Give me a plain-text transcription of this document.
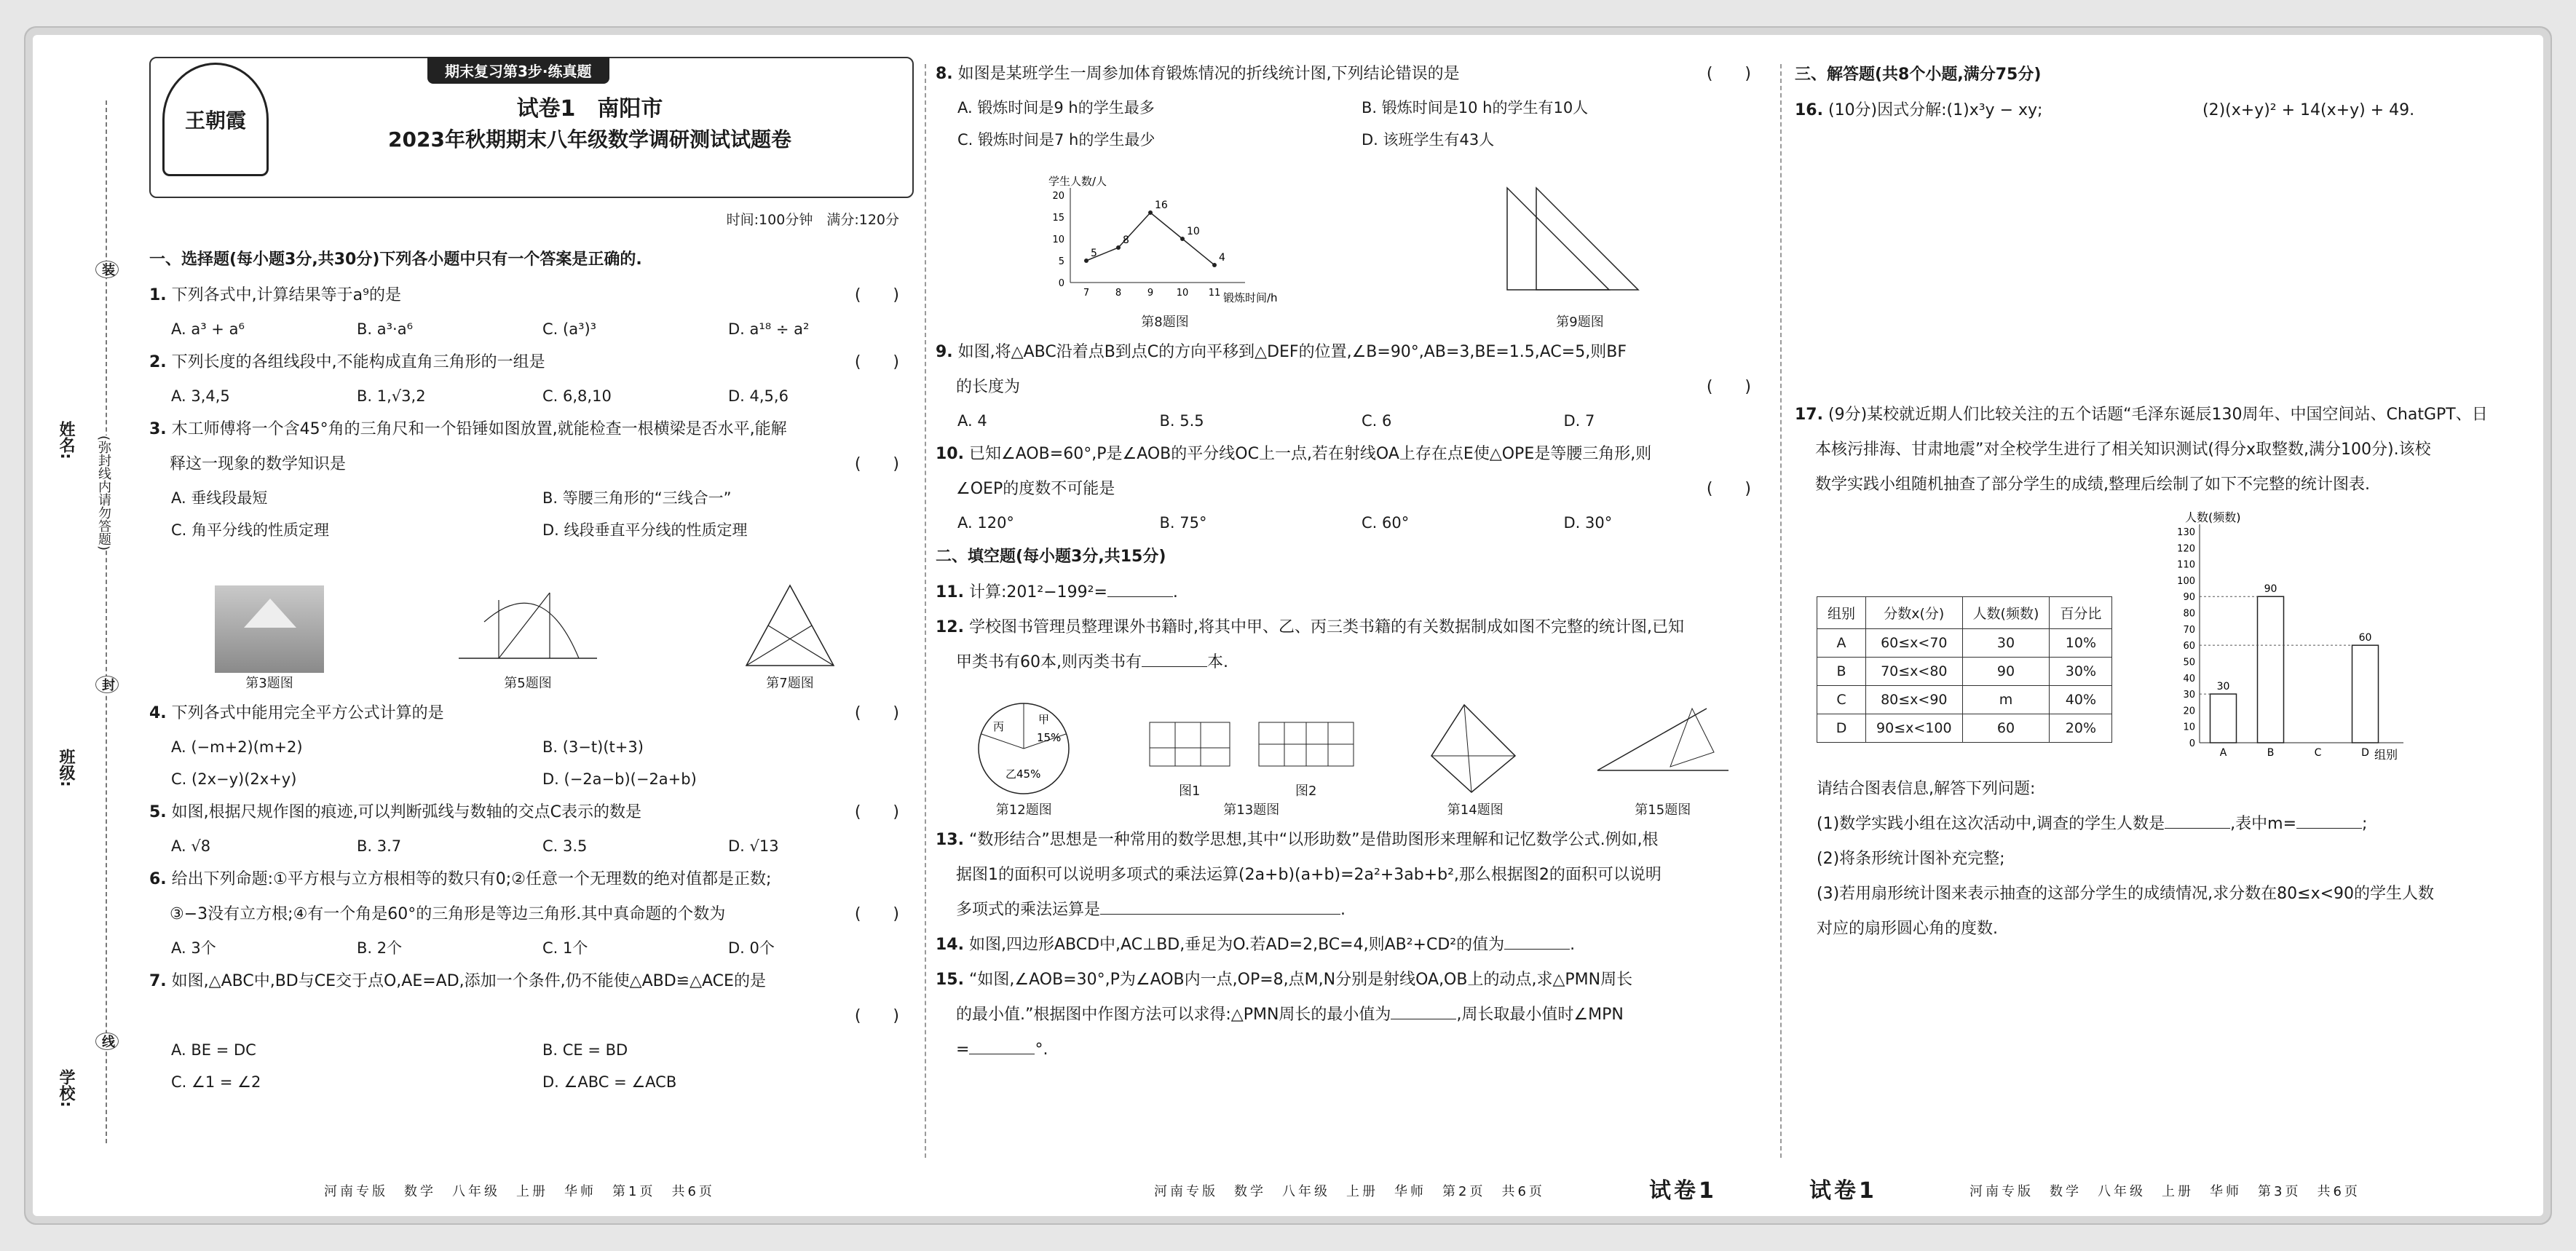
姓名:
班级:
学校:
(弥封线内请勿答题)
装
封
线
王朝霞
期末复习第3步·练真题
试卷1　南阳市
2023年秋期期末八年级数学调研测试试题卷
时间:100分钟　满分:120分
一、选择题(每小题3分,共30分)下列各小题中只有一个答案是正确的.
1. 下列各式中,计算结果等于a⁹的是	(　　)
A. a³ + a⁶	B. a³·a⁶	C. (a³)³	D. a¹⁸ ÷ a²
2. 下列长度的各组线段中,不能构成直角三角形的一组是	(　　)
A. 3,4,5	B. 1,√3,2	C. 6,8,10	D. 4,5,6
3. 木工师傅将一个含45°角的三角尺和一个铅锤如图放置,就能检查一根横梁是否水平,能解
释这一现象的数学知识是	(　　)
A. 垂线段最短	B. 等腰三角形的“三线合一”
C. 角平分线的性质定理	D. 线段垂直平分线的性质定理
第3题图	第5题图	第7题图
4. 下列各式中能用完全平方公式计算的是	(　　)
A. (−m+2)(m+2)	B. (3−t)(t+3)
C. (2x−y)(2x+y)	D. (−2a−b)(−2a+b)
5. 如图,根据尺规作图的痕迹,可以判断弧线与数轴的交点C表示的数是	(　　)
A. √8	B. 3.7	C. 3.5	D. √13
6. 给出下列命题:①平方根与立方根相等的数只有0;②任意一个无理数的绝对值都是正数;
③−3没有立方根;④有一个角是60°的三角形是等边三角形.其中真命题的个数为	(　　)
A. 3个	B. 2个	C. 1个	D. 0个
7. 如图,△ABC中,BD与CE交于点O,AE=AD,添加一个条件,仍不能使△ABD≌△ACE的是
(　　)

A. BE = DC	B. CE = BD
C. ∠1 = ∠2	D. ∠ABC = ∠ACB
8. 如图是某班学生一周参加体育锻炼情况的折线统计图,下列结论错误的是	(　　)
A. 锻炼时间是9 h的学生最多	B. 锻炼时间是10 h的学生有10人
C. 锻炼时间是7 h的学生最少	D. 该班学生有43人
学生人数/人
锻炼时间/h
0
5
10
15
20
7	8	9 10 11
5
8
16
10
4
第8题图	第9题图
9. 如图,将△ABC沿着点B到点C的方向平移到△DEF的位置,∠B=90°,AB=3,BE=1.5,AC=5,则BF
的长度为	(　　)
A. 4	B. 5.5	C. 6	D. 7
10. 已知∠AOB=60°,P是∠AOB的平分线OC上一点,若在射线OA上存在点E使△OPE是等腰三角形,则
∠OEP的度数不可能是	(　　)
A. 120°	B. 75°	C. 60°	D. 30°
二、填空题(每小题3分,共15分)
11. 计算:201²−199²=	.
12. 学校图书管理员整理课外书籍时,将其中甲、乙、丙三类书籍的有关数据制成如图不完整的统计图,已知
甲类书有60本,则丙类书有	本.
丙
甲
15%
乙45%
第12题图
图1	图2
第13题图	第14题图	第15题图
13. “数形结合”思想是一种常用的数学思想,其中“以形助数”是借助图形来理解和记忆数学公式.例如,根
据图1的面积可以说明多项式的乘法运算(2a+b)(a+b)=2a²+3ab+b²,那么根据图2的面积可以说明
多项式的乘法运算是	.
14. 如图,四边形ABCD中,AC⊥BD,垂足为O.若AD=2,BC=4,则AB²+CD²的值为	.
15. “如图,∠AOB=30°,P为∠AOB内一点,OP=8,点M,N分别是射线OA,OB上的动点,求△PMN周长
的最小值.”根据图中作图方法可以求得:△PMN周长的最小值为	,周长取最小值时∠MPN
=	°.
三、解答题(共8个小题,满分75分)
16. (10分)因式分解:(1)x³y − xy;	(2)(x+y)² + 14(x+y) + 49.
17. (9分)某校就近期人们比较关注的五个话题“毛泽东诞辰130周年、中国空间站、ChatGPT、日
本核污排海、甘肃地震”对全校学生进行了相关知识测试(得分x取整数,满分100分).该校
数学实践小组随机抽查了部分学生的成绩,整理后绘制了如下不完整的统计图表.
组别	分数x(分)	人数(频数)	百分比
A	60≤x<70	30	10%
B	70≤x<80	90	30%
C	80≤x<90	m	40%
D	90≤x<100	60	20%
人数(频数)
组别
0
10
20
30
40
50
60
70
80
90
100
110
120
130
A
30
B
90
C	D
60
请结合图表信息,解答下列问题:
(1)数学实践小组在这次活动中,调查的学生人数是	,表中m=	;
(2)将条形统计图补充完整;
(3)若用扇形统计图来表示抽查的这部分学生的成绩情况,求分数在80≤x<90的学生人数
对应的扇形圆心角的度数.
河南专版　数学　八年级　上册　华师　第1页　共6页	河南专版　数学　八年级　上册　华师　第2页　共6页	试卷1	试卷1	河南专版　数学　八年级　上册　华师　第3页　共6页
